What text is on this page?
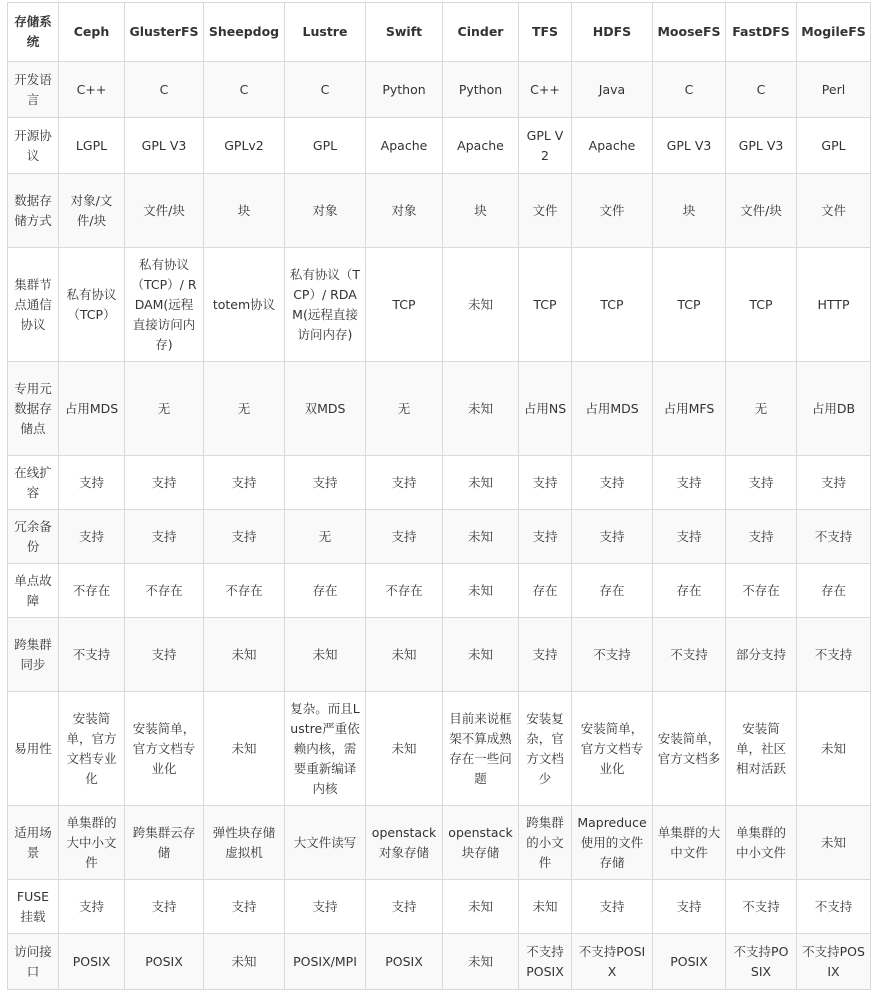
存储系统	Ceph	GlusterFS	Sheepdog	Lustre	Swift	Cinder	TFS	HDFS	MooseFS	FastDFS	MogileFS
开发语言	C++	C	C	C	Python	Python	C++	Java	C	C	Perl
开源协议	LGPL	GPL V3	GPLv2	GPL	Apache	Apache	GPL V2	Apache	GPL V3	GPL V3	GPL
数据存储方式	对象/文件/块	文件/块	块	对象	对象	块	文件	文件	块	文件/块	文件
集群节点通信协议	私有协议（TCP）	私有协议（TCP）/ RDAM(远程直接访问内存)	totem协议	私有协议（TCP）/ RDAM(远程直接访问内存)	TCP	未知	TCP	TCP	TCP	TCP	HTTP
专用元数据存储点	占用MDS	无	无	双MDS	无	未知	占用NS	占用MDS	占用MFS	无	占用DB
在线扩容	支持	支持	支持	支持	支持	未知	支持	支持	支持	支持	支持
冗余备份	支持	支持	支持	无	支持	未知	支持	支持	支持	支持	不支持
单点故障	不存在	不存在	不存在	存在	不存在	未知	存在	存在	存在	不存在	存在
跨集群同步	不支持	支持	未知	未知	未知	未知	支持	不支持	不支持	部分支持	不支持
易用性	安装简单，官方文档专业化	安装简单，官方文档专业化	未知	复杂。而且Lustre严重依赖内核，需要重新编译内核	未知	目前来说框架不算成熟存在一些问题	安装复杂，官方文档少	安装简单，官方文档专业化	安装简单，官方文档多	安装简单，社区相对活跃	未知
适用场景	单集群的大中小文件	跨集群云存储	弹性块存储虚拟机	大文件读写	openstack对象存储	openstack块存储	跨集群的小文件	Mapreduce使用的文件存储	单集群的大中文件	单集群的中小文件	未知
FUSE挂载	支持	支持	支持	支持	支持	未知	未知	支持	支持	不支持	不支持
访问接口	POSIX	POSIX	未知	POSIX/MPI	POSIX	未知	不支持POSIX	不支持POSIX	POSIX	不支持POSIX	不支持POSIX
